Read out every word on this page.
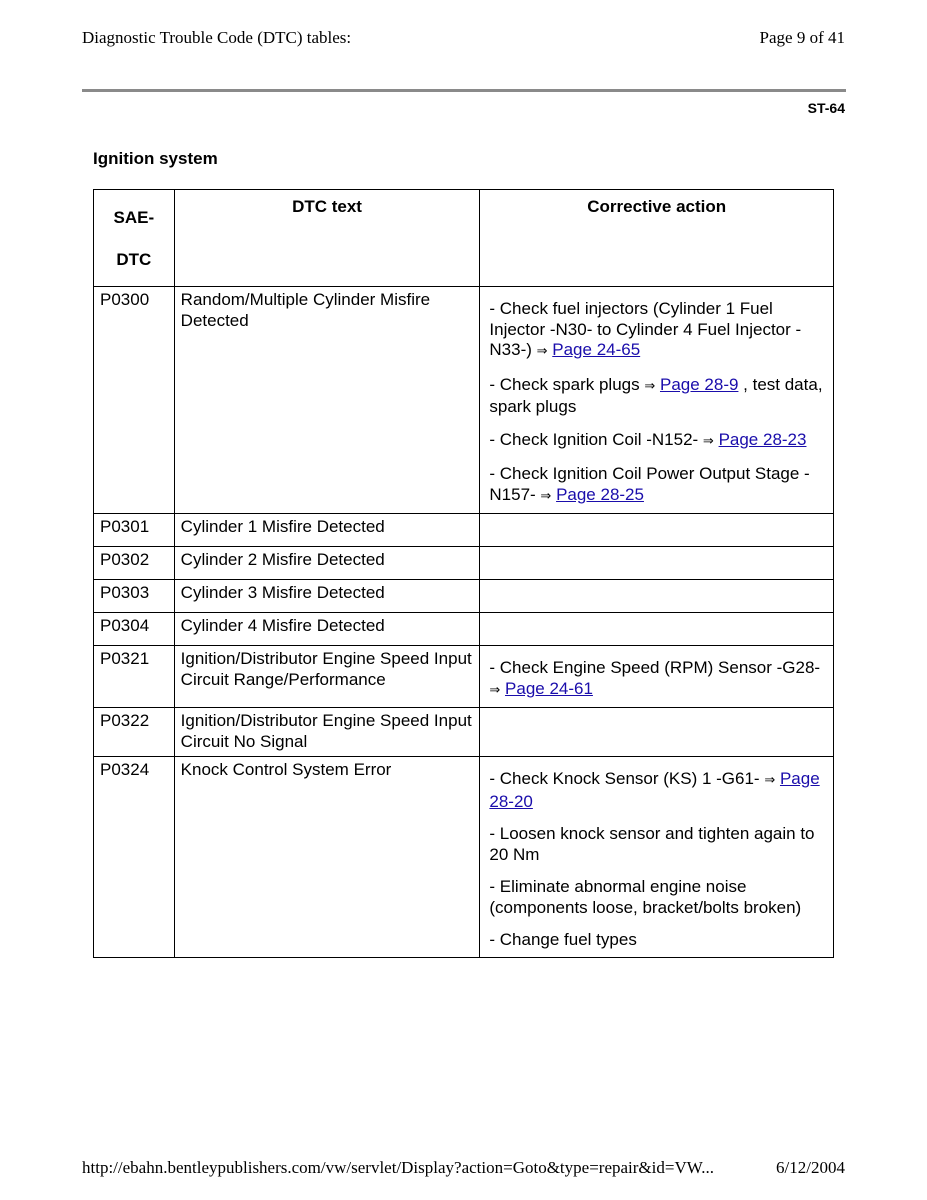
Diagnostic Trouble Code (DTC) tables:	Page 9 of 41
ST-64
Ignition system
SAE-
DTC	DTC text	Corrective action
P0300	Random/Multiple Cylinder Misfire Detected	- Check fuel injectors (Cylinder 1 Fuel Injector -N30- to Cylinder 4 Fuel Injector -N33-) ⇒ Page 24-65
- Check spark plugs ⇒ Page 28-9 , test data, spark plugs
- Check Ignition Coil -N152- ⇒ Page 28-23
- Check Ignition Coil Power Output Stage -N157- ⇒ Page 28-25

P0301	Cylinder 1 Misfire Detected	
P0302	Cylinder 2 Misfire Detected	
P0303	Cylinder 3 Misfire Detected	
P0304	Cylinder 4 Misfire Detected	
P0321	Ignition/Distributor Engine Speed Input Circuit Range/Performance	- Check Engine Speed (RPM) Sensor -G28- ⇒ Page 24-61

P0322	Ignition/Distributor Engine Speed Input Circuit No Signal	
P0324	Knock Control System Error	- Check Knock Sensor (KS) 1 -G61- ⇒ Page 28-20
- Loosen knock sensor and tighten again to 20 Nm
- Eliminate abnormal engine noise (components loose, bracket/bolts broken)
- Change fuel types
http://ebahn.bentleypublishers.com/vw/servlet/Display?action=Goto&type=repair&id=VW...	6/12/2004
